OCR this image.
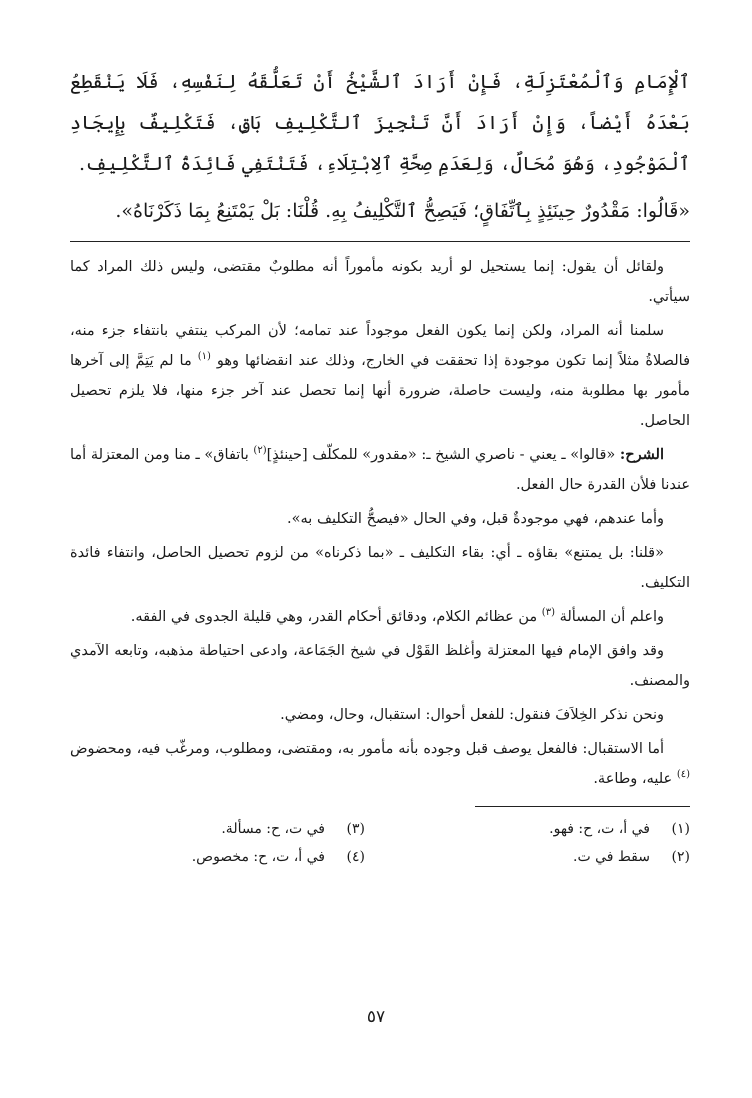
ٱلْإِمَامِ وَٱلْمُعْتَزِلَةِ، فَإِنْ أَرَادَ ٱلشَّيْخُ أَنْ تَعَلُّقَهُ لِنَفْسِهِ، فَلَا يَنْقَطِعُ بَعْدَهُ أَيْضاً، وَإِنْ أَرَادَ أَنَّ تَنْجِيزَ ٱلتَّكْلِيفِ بَاقٍ، فَتَكْلِيفٌ بِإِيجَادِ ٱلْمَوْجُودِ، وَهُوَ مُحَالٌ، وَلِعَدَمِ صِحَّةِ ٱلِابْتِلَاءِ، فَتَنْتَفِي فَائِدَةُ ٱلتَّكْلِيفِ.

«قَالُوا: مَقْدُورٌ حِينَئِذٍ بِٱتِّفَاقٍ؛ فَيَصِحُّ ٱلتَّكْلِيفُ بِهِ. قُلْنَا: بَلْ يَمْتَنِعُ بِمَا ذَكَرْنَاهُ».

ولقائل أن يقول: إنما يستحيل لو أريد بكونه مأموراً أنه مطلوبٌ مقتضى، وليس ذلك المراد كما سيأتي.

سلمنا أنه المراد، ولكن إنما يكون الفعل موجوداً عند تمامه؛ لأن المركب ينتفي بانتفاء جزء منه، فالصلاةُ مثلاً إنما تكون موجودة إذا تحققت في الخارج، وذلك عند انقضائها وهو $^{(١)}$ ما لم يَتِمَّ إلى آخرها مأمور بها مطلوبة منه، وليست حاصلة، ضرورة أنها إنما تحصل عند آخر جزء منها، فلا يلزم تحصيل الحاصل.

الشرح: «قالوا» ـ يعني - ناصري الشيخ ـ: «مقدور» للمكلّف [حينئذٍ]$^{(٢)}$ باتفاق» ـ منا ومن المعتزلة أما عندنا فلأن القدرة حال الفعل.

وأما عندهم، فهي موجودةٌ قبل، وفي الحال «فيصحُّ التكليف به».

«قلنا: بل يمتنع» بقاؤه ـ أي: بقاء التكليف ـ «بما ذكرناه» من لزوم تحصيل الحاصل، وانتفاء فائدة التكليف.

واعلم أن المسألة $^{(٣)}$ من عظائم الكلام، ودقائق أحكام القدر، وهي قليلة الجدوى في الفقه.

وقد وافق الإمام فيها المعتزلة وأغلظ القَوْل في شيخ الجَمَاعة، وادعى احتياطة مذهبه، وتابعه الآمدي والمصنف.

ونحن نذكر الخِلاَفَ فنقول: للفعل أحوال: استقبال، وحال، ومضي.

أما الاستقبال: فالفعل يوصف قبل وجوده بأنه مأمور به، ومقتضى، ومطلوب، ومرغّب فيه، ومحضوض $^{(٤)}$ عليه، وطاعة.

(١)
في أ، ت، ح: فهو.
(٣)
في ت، ح: مسألة.
(٢)
سقط في ت.
(٤)
في أ، ت، ح: مخصوص.
٥٧
